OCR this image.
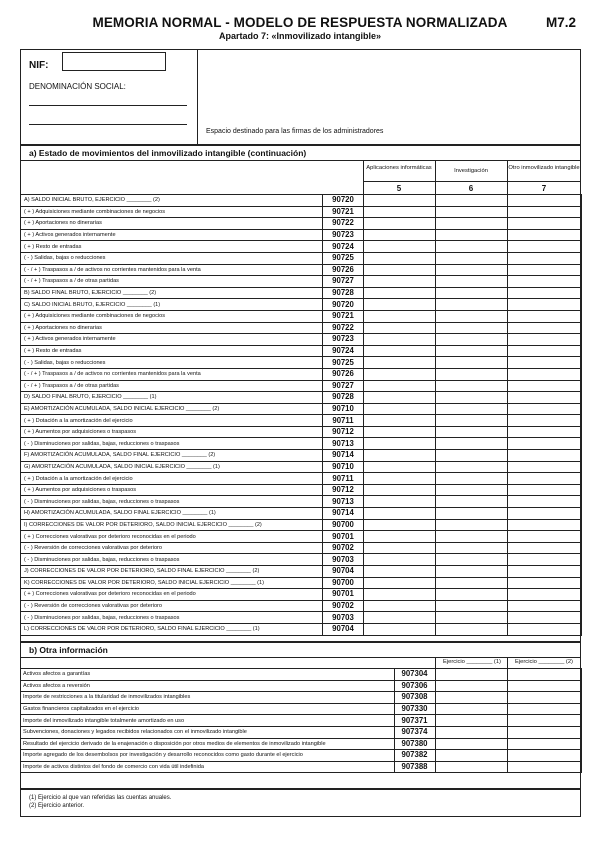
MEMORIA NORMAL - MODELO DE RESPUESTA NORMALIZADA
Apartado 7: «Inmovilizado intangible»
M7.2
NIF:
DENOMINACIÓN SOCIAL:
Espacio destinado para las firmas de los administradores
a) Estado de movimientos del inmovilizado intangible (continuación)
Aplicaciones informáticas	Investigación	Otro inmovilizado intangible
5	6	7
A) SALDO INICIAL BRUTO, EJERCICIO ________ (2)	90720			
( + ) Adquisiciones mediante combinaciones de negocios	90721			
( + ) Aportaciones no dinerarias	90722			
( + ) Activos generados internamente	90723			
( + ) Resto de entradas	90724			
( - ) Salidas, bajas o reducciones	90725			
( - / + ) Traspasos a / de activos no corrientes mantenidos para la venta	90726			
( - / + ) Traspasos a / de otras partidas	90727			
B) SALDO FINAL BRUTO, EJERCICIO ________ (2)	90728			
C) SALDO INICIAL BRUTO, EJERCICIO ________ (1)	90720			
( + ) Adquisiciones mediante combinaciones de negocios	90721			
( + ) Aportaciones no dinerarias	90722			
( + ) Activos generados internamente	90723			
( + ) Resto de entradas	90724			
( - ) Salidas, bajas o reducciones	90725			
( - / + ) Traspasos a / de activos no corrientes mantenidos para la venta	90726			
( - / + ) Traspasos a / de otras partidas	90727			
D) SALDO FINAL BRUTO, EJERCICIO ________ (1)	90728			
E) AMORTIZACIÓN ACUMULADA, SALDO INICIAL EJERCICIO ________ (2)	90710			
( + ) Dotación a la amortización del ejercicio	90711			
( + ) Aumentos por adquisiciones o traspasos	90712			
( - ) Disminuciones por salidas, bajas, reducciones o traspasos	90713			
F) AMORTIZACIÓN ACUMULADA, SALDO FINAL EJERCICIO ________ (2)	90714			
G) AMORTIZACIÓN ACUMULADA, SALDO INICIAL EJERCICIO ________ (1)	90710			
( + ) Dotación a la amortización del ejercicio	90711			
( + ) Aumentos por adquisiciones o traspasos	90712			
( - ) Disminuciones por salidas, bajas, reducciones o traspasos	90713			
H) AMORTIZACIÓN ACUMULADA, SALDO FINAL EJERCICIO ________ (1)	90714			
I) CORRECCIONES DE VALOR POR DETERIORO, SALDO INICIAL EJERCICIO ________ (2)	90700			
( + ) Correcciones valorativas por deterioro reconocidas en el periodo	90701			
( - ) Reversión de correcciones valorativas por deterioro	90702			
( - ) Disminuciones por salidas, bajas, reducciones o traspasos	90703			
J) CORRECCIONES DE VALOR POR DETERIORO, SALDO FINAL EJERCICIO ________ (2)	90704			
K) CORRECCIONES DE VALOR POR DETERIORO, SALDO INICIAL EJERCICIO ________ (1)	90700			
( + ) Correcciones valorativas por deterioro reconocidas en el periodo	90701			
( - ) Reversión de correcciones valorativas por deterioro	90702			
( - ) Disminuciones por salidas, bajas, reducciones o traspasos	90703			
L) CORRECCIONES DE VALOR POR DETERIORO, SALDO FINAL EJERCICIO ________ (1)	90704			
b) Otra información
Ejercicio ________ (1)	Ejercicio ________ (2)
Activos afectos a garantías	907304		
Activos afectos a reversión	907306		
Importe de restricciones a la titularidad de inmovilizados intangibles	907308		
Gastos financieros capitalizados en el ejercicio	907330		
Importe del inmovilizado intangible totalmente amortizado en uso	907371		
Subvenciones, donaciones y legados recibidos relacionados con el inmovilizado intangible	907374		
Resultado del ejercicio derivado de la enajenación o disposición por otros medios de elementos de inmovilizado intangible	907380		
Importe agregado de los desembolsos por investigación y desarrollo reconocidos como gasto durante el ejercicio	907382		
Importe de activos distintos del fondo de comercio con vida útil indefinida	907388		
(1) Ejercicio al que van referidas las cuentas anuales.
(2) Ejercicio anterior.
